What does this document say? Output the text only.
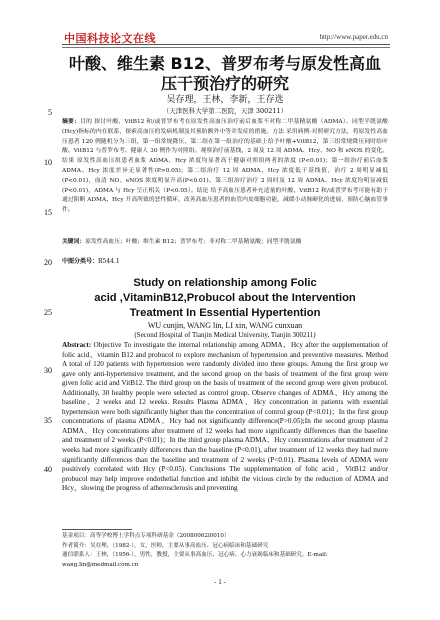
中国科技论文在线	http://www.paper.edu.cn
5
10
15
20
25
30
35
40
叶酸、维生素 B12、普罗布考与原发性高血
压干预治疗的研究
吴存理，王林，李新，王存选
（天津医科大学第二医院，天津 300211）
摘要：目的 探讨叶酸、VitB12 和/或普罗布考在原发性高血压治疗前后血浆不对称二甲基精氨酸（ADMA）、同型半胱氨酸(Hcy)指标的内在联系，探索高血压的发病机制及其预防额外中等并发症的措施。方法 采用病例-对照研究方法，将原发性高血压患者 120 例随机分为三组，第一组常规降压，第二组在第一组治疗的基础上给予叶酸+VitB12，第三组常规降压同时给叶酸、VitB12 与普罗布考。健康人 30 例作为对照组。观察治疗前基线，2 周及 12 周 ADMA、Hcy、NO 和 eNOS 的变化。结果 原发性高血压组患者血浆 ADMA、Hcy 浓度均显著高于健康对照组两者的浓度 (P<0.01)；第一组治疗前后血浆 ADMA、Hcy 浓度差异无显著性(P>0.05)；第二组治疗 12 周 ADMA、Hcy 浓度低于基线值，治疗 2 周明显减低(P<0.01)，血清 NO、eNOS 浓度明显升高(P<0.01)。第三组治疗治疗 2 周时及 12 周 ADMA、Hcy 浓度均明显减低(P<0.01)，ADMA 与 Hcy 呈正相关（P<0.05）。结论 给予高血压患者补充适量的叶酸、VitB12 和/或普罗布考可能有助于通过阻断 ADMA、Hcy 升高所致的恶性循环，改善高血压患者的血管内皮细胞功能，减缓小动脉硬化的进展，预防心脑血管事件。
关键词：原发性高血压；叶酸；维生素 B12；普罗布考；非对称二甲基精氨酸；同型半胱氨酸
中图分类号：R544.1
Study on relationship among Folic
acid ,VitaminB12,Probucol about the Intervention
Treatment In Essential Hypertention
WU cunjin, WANG lin, LI xin, WANG cunxuan
(Second Hospital of Tianjin Medical University, Tianjin 300211)
Abstract: Objective To investigate the internal relationship among ADMA、Hcy after the supplementation of folic acid、vitamin B12 and probucol to explore mechanism of hypertension and preventive measures. Method A total of 120 patients with hypertension were randomly divided into three groups. Among the first group we gave only anti-hypertensive treatment, and the second group on the basis of treatment of the first group were given folic acid and VitB12. The third group on the basis of treatment of the second group were given probucol. Additionally, 30 healthy people were selected as control group. Observe changes of ADMA、Hcy among the baseline、2 weeks and 12 weeks. Results Plasma ADMA、Hcy concentration in patients with essential hypertension were both significantly higher than the concentration of control group (P<0.01)；In the first group concentrations of plasma ADMA、Hcy had not significantly difference(P>0.05);In the second group plasma ADMA、Hcy concentrations after treatment of 12 weeks had more significantly differences than the baseline and treatment of 2 weeks (P<0.01)；In the third group plasma ADMA、Hcy concentrations after treatment of 2 weeks had more significantly differences than the baseline (P<0.01), after treatment of 12 weeks they had more significantly differences than the baseline and treatment of 2 weeks (P<0.01). Plasma levels of ADMA were positively correlated with Hcy (P<0.05). Conclusions The supplementation of folic acid、VitB12 and/or probucol may help improve endothelial function and inhibit the vicious circle by the reduction of ADMA and Hcy，slowing the progress of atherosclerosis and preventing
基金项目：高等学校博士学科点专项科研基金（20080062l0010）
作者简介：吴存理，（1982-），女，医师，主要从事高血压、冠心病临床和基础研究
通信联系人：王林，（1956-），男性，教授，主要从事高血压、冠心病、心力衰竭临床和基础研究。E-mail: wang.lin@medmail.com.cn
- 1 -
